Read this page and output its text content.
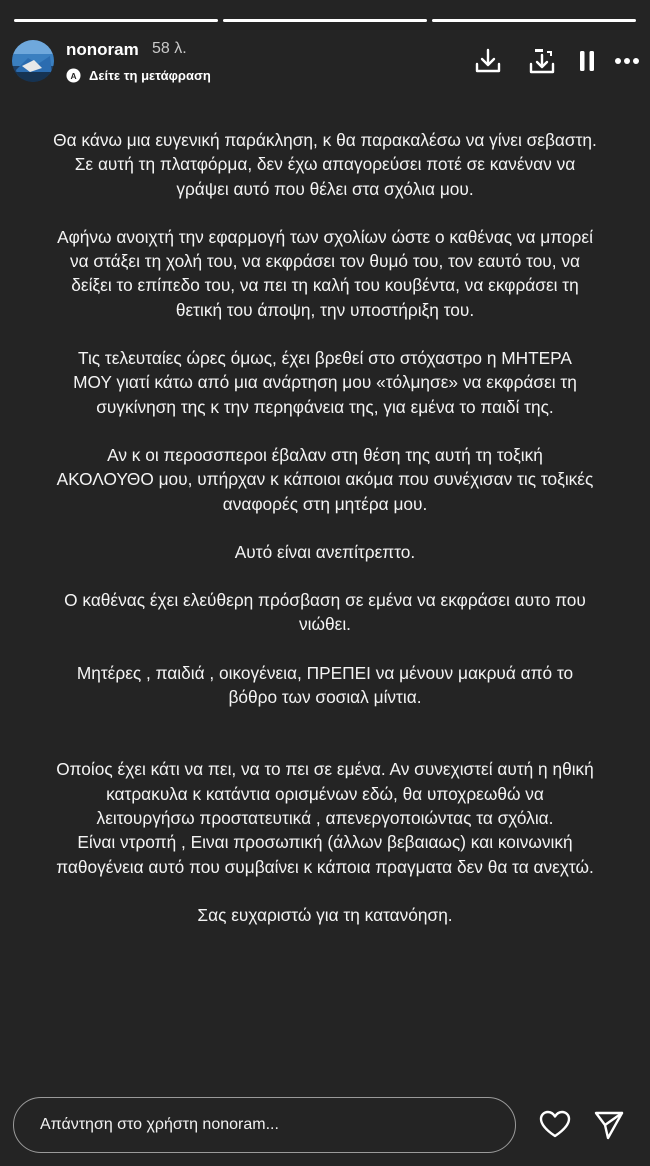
nonoram 58 λ.
A Δείτε τη μετάφραση

Θα κάνω μια ευγενική παράκληση, κ θα παρακαλέσω να γίνει σεβαστη.
Σε αυτή τη πλατφόρμα, δεν έχω απαγορεύσει ποτέ σε κανέναν να
γράψει αυτό που θέλει στα σχόλια μου.

Αφήνω ανοιχτή την εφαρμογή των σχολίων ώστε ο καθένας να μπορεί
να στάξει τη χολή του, να εκφράσει τον θυμό του, τον εαυτό του, να
δείξει το επίπεδο του, να πει τη καλή του κουβέντα, να εκφράσει τη
θετική του άποψη, την υποστήριξη του.

Τις τελευταίες ώρες όμως, έχει βρεθεί στο στόχαστρο η ΜΗΤΕΡΑ
ΜΟΥ γιατί κάτω από μια ανάρτηση μου «τόλμησε» να εκφράσει τη
συγκίνηση της κ την περηφάνεια της, για εμένα το παιδί της.

Αν κ οι περοσσπεροι έβαλαν στη θέση της αυτή τη τοξική
ΑΚΟΛΟΥΘΟ μου, υπήρχαν κ κάποιοι ακόμα που συνέχισαν τις τοξικές
αναφορές στη μητέρα μου.

Αυτό είναι ανεπίτρεπτο.

Ο καθένας έχει ελεύθερη πρόσβαση σε εμένα να εκφράσει αυτο που
νιώθει.

Μητέρες , παιδιά , οικογένεια, ΠΡΕΠΕΙ να μένουν μακρυά από το
βόθρο των σοσιαλ μίντια.

Οποίος έχει κάτι να πει, να το πει σε εμένα. Αν συνεχιστεί αυτή η ηθική
κατρακυλα κ κατάντια ορισμένων εδώ, θα υποχρεωθώ να
λειτουργήσω προστατευτικά , απενεργοποιώντας τα σχόλια.
Είναι ντροπή , Ειναι προσωπική (άλλων βεβαιαως) και κοινωνική
παθογένεια αυτό που συμβαίνει κ κάποια πραγματα δεν θα τα ανεχτώ.

Σας ευχαριστώ για τη κατανόηση.

Απάντηση στο χρήστη nonoram...
